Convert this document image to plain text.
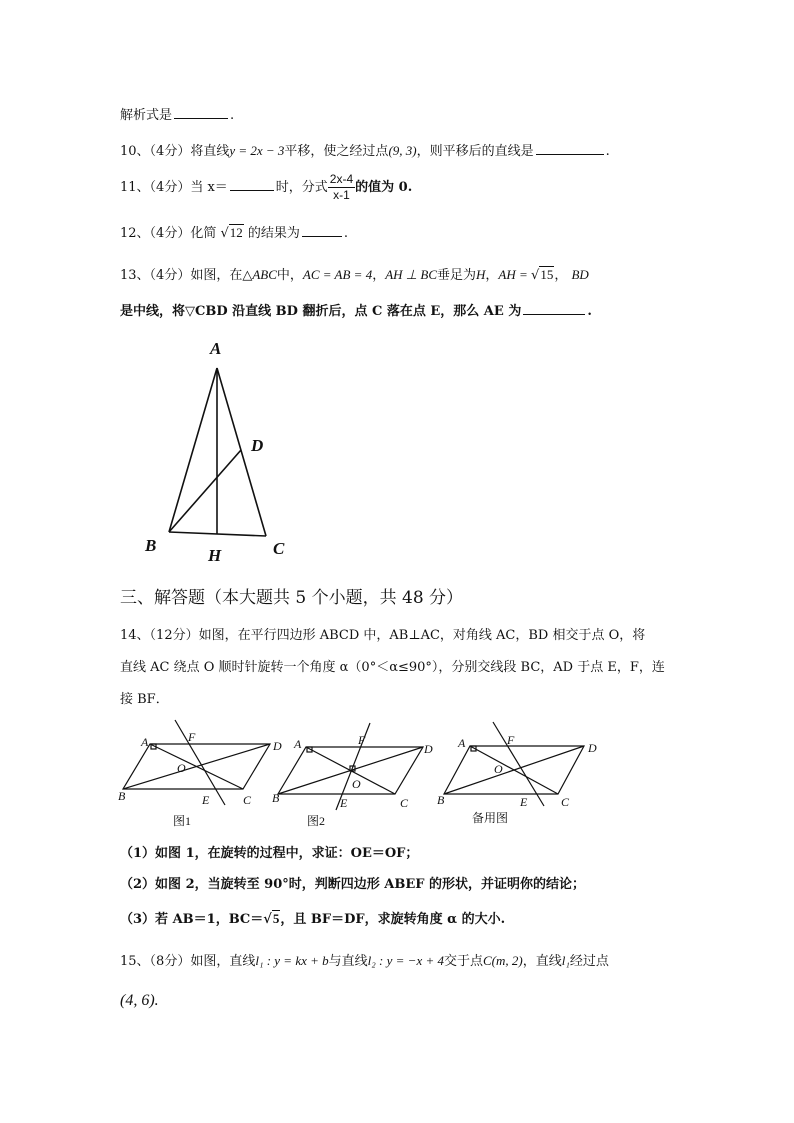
解析式是	.
10、（4分）将直线y = 2x − 3平移，使之经过点(9, 3)，则平移后的直线是	.
11、（4分）当 x＝	时，分式 $\frac{2x-4}{x-1}$ 的值为 0.
12、（4分）化简 √12 的结果为	.
13、（4分）如图，在△ABC中，AC = AB = 4，AH ⊥ BC垂足为H，AH = √15， BD
是中线，将▽CBD 沿直线 BD 翻折后，点 C 落在点 E，那么 AE 为	.
A
D
B
H	C
三、解答题（本大题共 5 个小题，共 48 分）
14、（12分）如图，在平行四边形 ABCD 中，AB⊥AC，对角线 AC，BD 相交于点 O，将
直线 AC 绕点 O 顺时针旋转一个角度 α（0°＜α≤90°），分别交线段 BC，AD 于点 E，F，连
接 BF．
A	F
D
O
B	E	C
A	F
D
O
B	E	C
A	F
D
O
B	E	C
图1	图2	备用图
（1）如图 1，在旋转的过程中，求证：OE＝OF；
（2）如图 2，当旋转至 90°时，判断四边形 ABEF 的形状，并证明你的结论；
（3）若 AB＝1，BC＝√5，且 BF＝DF，求旋转角度 α 的大小.
15、（8分）如图，直线l₁ : y = kx + b与直线l₂ : y = −x + 4交于点C(m, 2)，直线l₁经过点
(4, 6).
